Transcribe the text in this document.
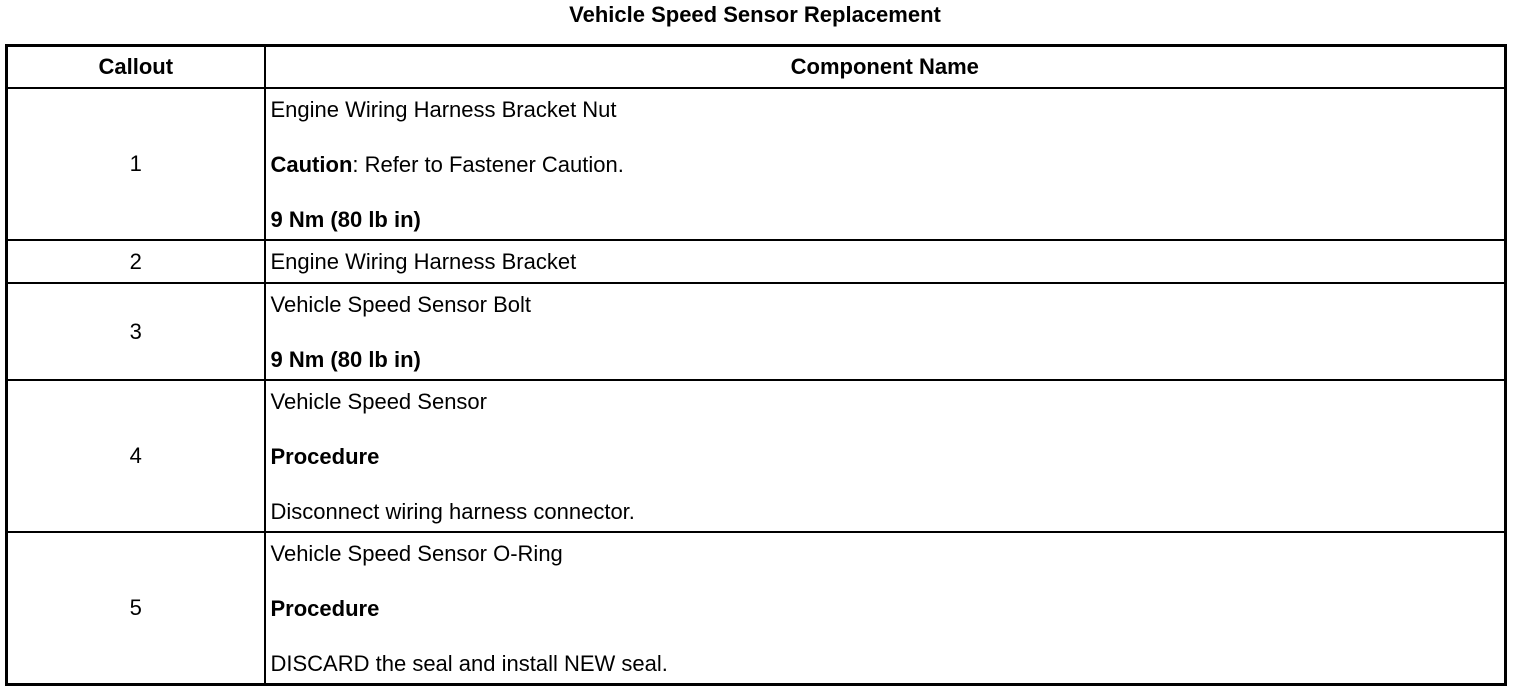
Vehicle Speed Sensor Replacement
Callout	Component Name
1	Engine Wiring Harness Bracket Nut
Caution: Refer to Fastener Caution.
9 Nm (80 lb in)

2	Engine Wiring Harness Bracket

3	Vehicle Speed Sensor Bolt
9 Nm (80 lb in)

4	Vehicle Speed Sensor
Procedure
Disconnect wiring harness connector.

5	Vehicle Speed Sensor O-Ring
Procedure
DISCARD the seal and install NEW seal.
